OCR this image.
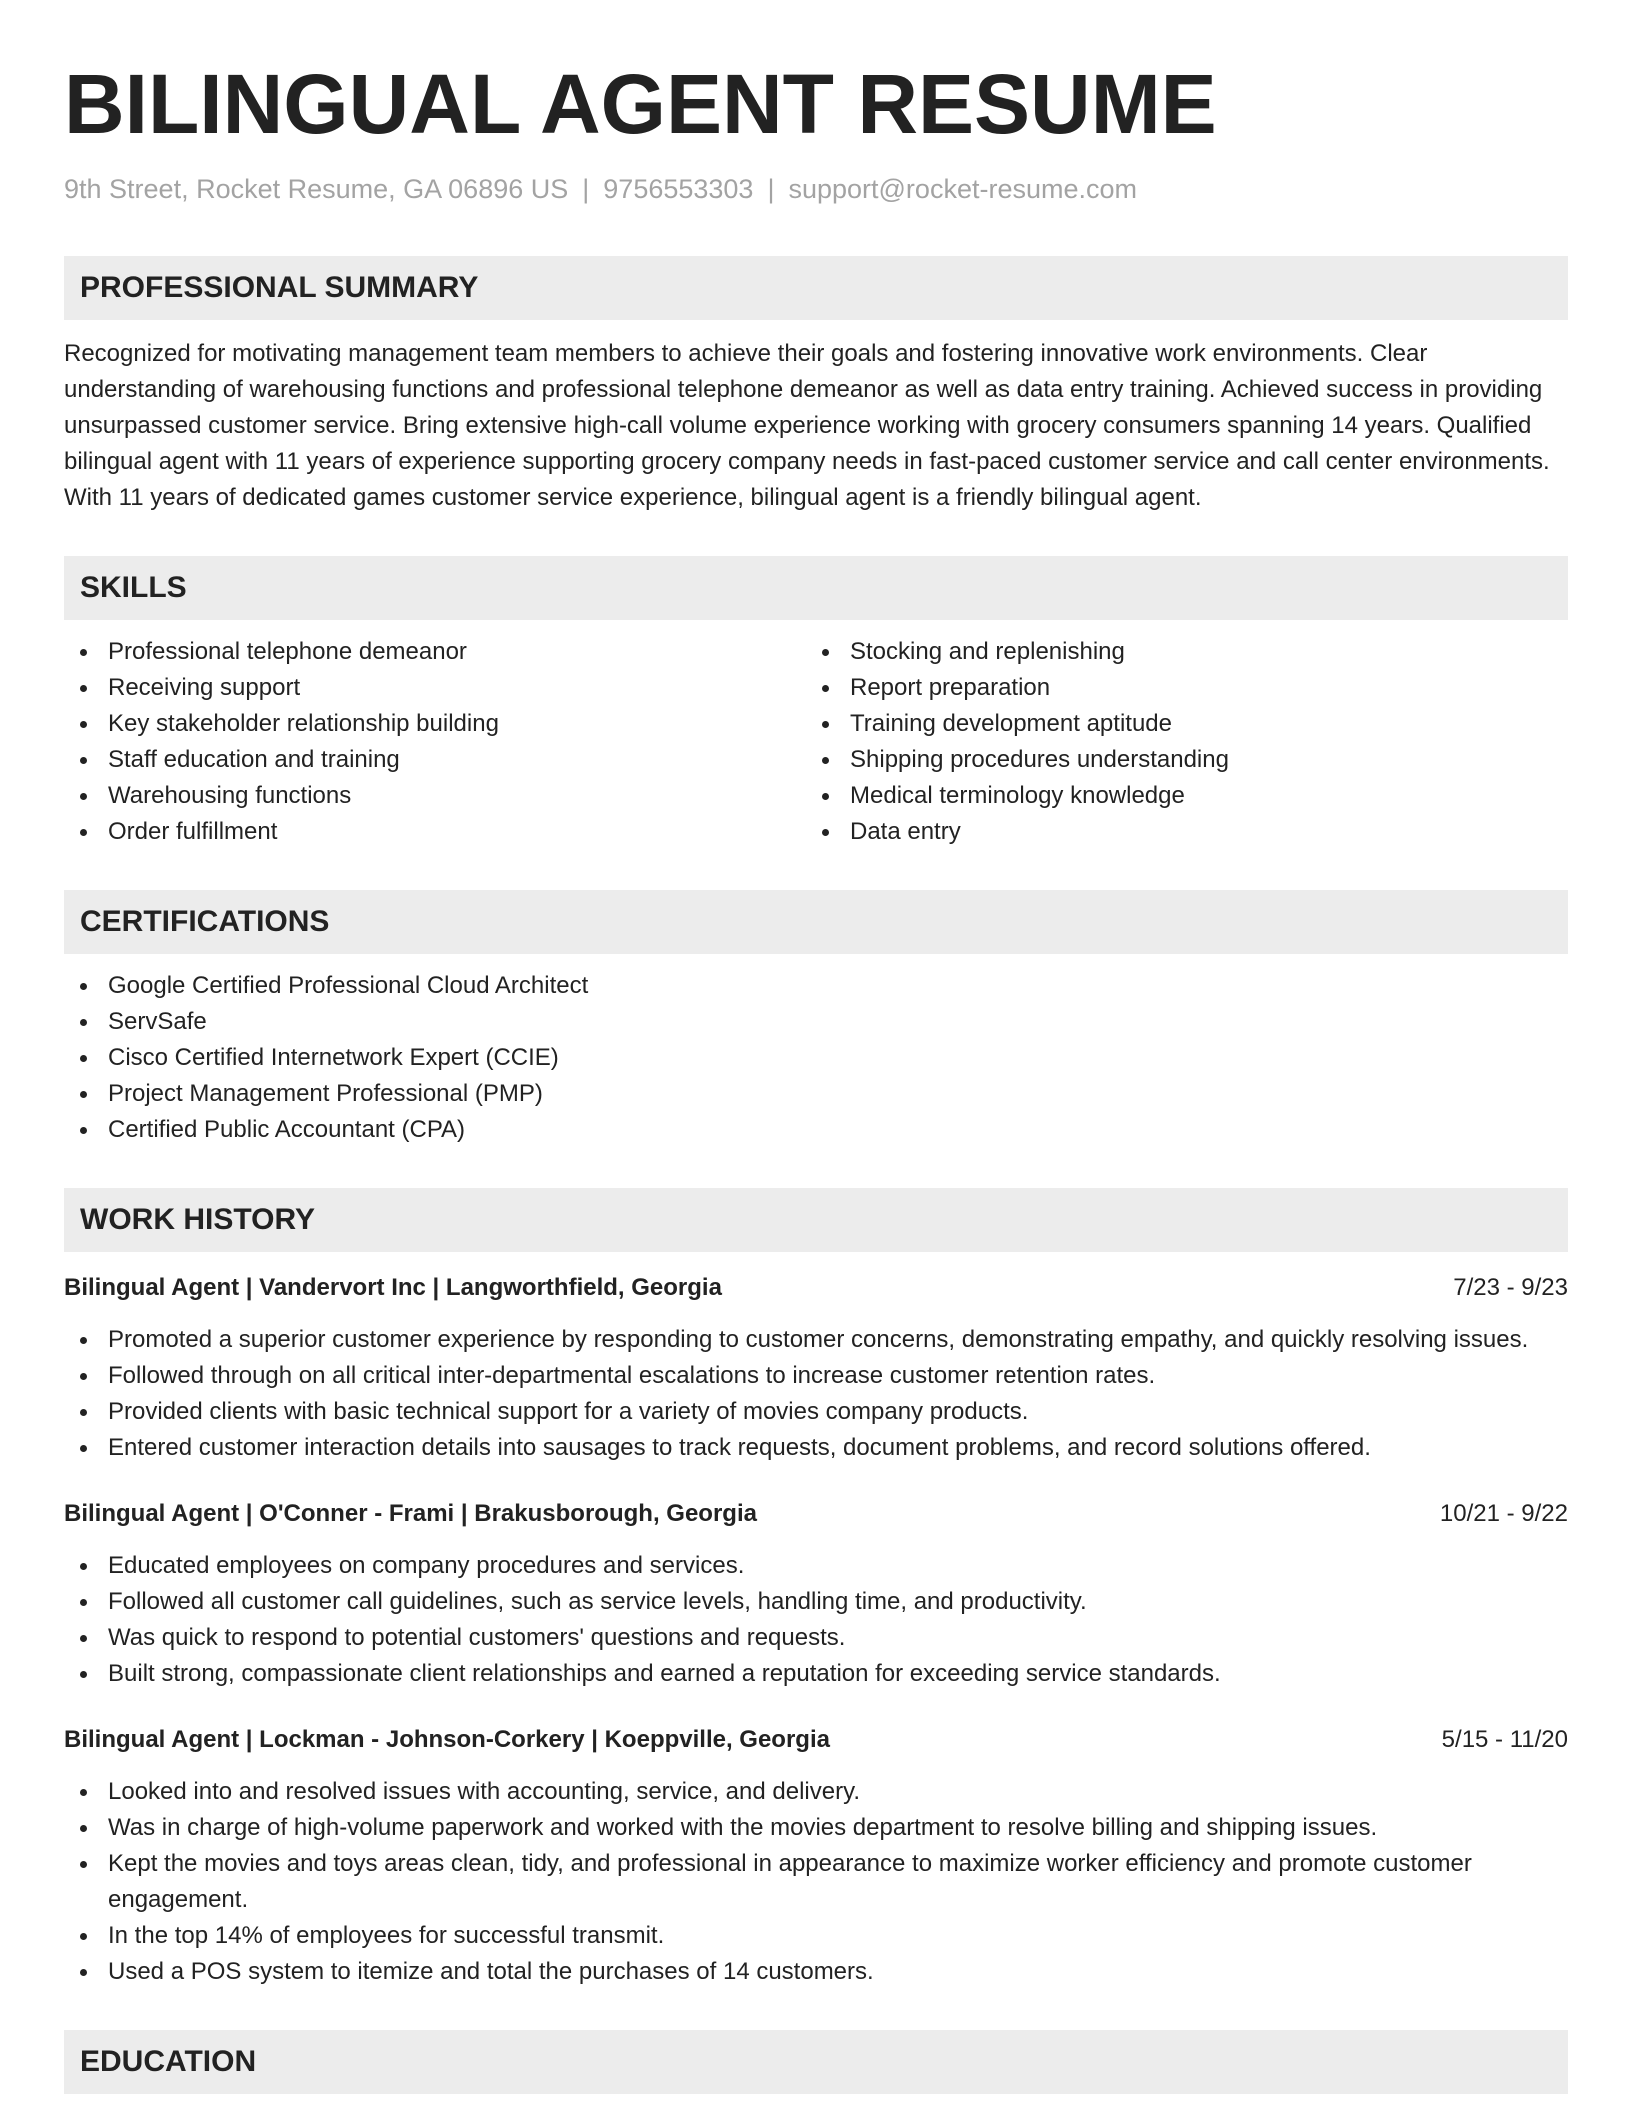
BILINGUAL AGENT RESUME
9th Street, Rocket Resume, GA 06896 US | 9756553303 | support@rocket-resume.com
PROFESSIONAL SUMMARY
Recognized for motivating management team members to achieve their goals and fostering innovative work environments. Clear understanding of warehousing functions and professional telephone demeanor as well as data entry training. Achieved success in providing unsurpassed customer service. Bring extensive high-call volume experience working with grocery consumers spanning 14 years. Qualified bilingual agent with 11 years of experience supporting grocery company needs in fast-paced customer service and call center environments. With 11 years of dedicated games customer service experience, bilingual agent is a friendly bilingual agent.
SKILLS
Professional telephone demeanor
Receiving support
Key stakeholder relationship building
Staff education and training
Warehousing functions
Order fulfillment
Stocking and replenishing
Report preparation
Training development aptitude
Shipping procedures understanding
Medical terminology knowledge
Data entry
CERTIFICATIONS
Google Certified Professional Cloud Architect
ServSafe
Cisco Certified Internetwork Expert (CCIE)
Project Management Professional (PMP)
Certified Public Accountant (CPA)
WORK HISTORY
Bilingual Agent | Vandervort Inc | Langworthfield, Georgia	7/23 - 9/23
Promoted a superior customer experience by responding to customer concerns, demonstrating empathy, and quickly resolving issues.
Followed through on all critical inter-departmental escalations to increase customer retention rates.
Provided clients with basic technical support for a variety of movies company products.
Entered customer interaction details into sausages to track requests, document problems, and record solutions offered.
Bilingual Agent | O'Conner - Frami | Brakusborough, Georgia	10/21 - 9/22
Educated employees on company procedures and services.
Followed all customer call guidelines, such as service levels, handling time, and productivity.
Was quick to respond to potential customers' questions and requests.
Built strong, compassionate client relationships and earned a reputation for exceeding service standards.
Bilingual Agent | Lockman - Johnson-Corkery | Koeppville, Georgia	5/15 - 11/20
Looked into and resolved issues with accounting, service, and delivery.
Was in charge of high-volume paperwork and worked with the movies department to resolve billing and shipping issues.
Kept the movies and toys areas clean, tidy, and professional in appearance to maximize worker efficiency and promote customer engagement.
In the top 14% of employees for successful transmit.
Used a POS system to itemize and total the purchases of 14 customers.
EDUCATION
